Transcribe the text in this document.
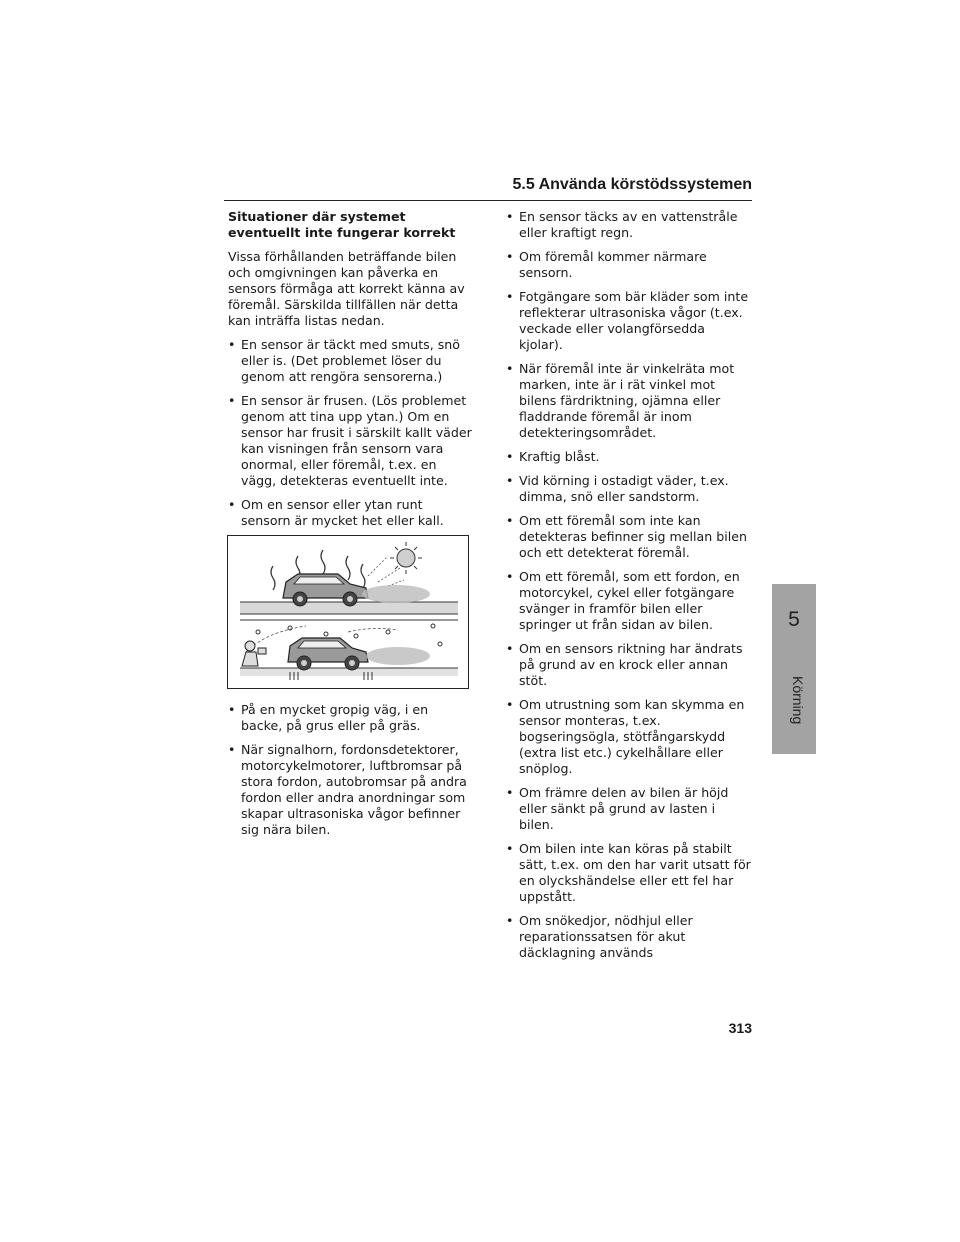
5.5 Använda körstödssystemen
5
Körning
Situationer där systemet eventuellt inte fungerar korrekt
Vissa förhållanden beträffande bilen och omgivningen kan påverka en sensors förmåga att korrekt känna av föremål. Särskilda tillfällen när detta kan inträffa listas nedan.
• En sensor är täckt med smuts, snö eller is. (Det problemet löser du genom att rengöra sensorerna.)
• En sensor är frusen. (Lös problemet genom att tina upp ytan.) Om en sensor har frusit i särskilt kallt väder kan visningen från sensorn vara onormal, eller föremål, t.ex. en vägg, detekteras eventuellt inte.
• Om en sensor eller ytan runt sensorn är mycket het eller kall.
• På en mycket gropig väg, i en backe, på grus eller på gräs.
• När signalhorn, fordonsdetektorer, motorcykelmotorer, luftbromsar på stora fordon, autobromsar på andra fordon eller andra anordningar som skapar ultrasoniska vågor befinner sig nära bilen.
• En sensor täcks av en vattenstråle eller kraftigt regn.
• Om föremål kommer närmare sensorn.
• Fotgängare som bär kläder som inte reflekterar ultrasoniska vågor (t.ex. veckade eller volangförsedda kjolar).
• När föremål inte är vinkelräta mot marken, inte är i rät vinkel mot bilens färdriktning, ojämna eller fladdrande föremål är inom detekteringsområdet.
• Kraftig blåst.
• Vid körning i ostadigt väder, t.ex. dimma, snö eller sandstorm.
• Om ett föremål som inte kan detekteras befinner sig mellan bilen och ett detekterat föremål.
• Om ett föremål, som ett fordon, en motorcykel, cykel eller fotgängare svänger in framför bilen eller springer ut från sidan av bilen.
• Om en sensors riktning har ändrats på grund av en krock eller annan stöt.
• Om utrustning som kan skymma en sensor monteras, t.ex. bogseringsögla, stötfångarskydd (extra list etc.) cykelhållare eller snöplog.
• Om främre delen av bilen är höjd eller sänkt på grund av lasten i bilen.
• Om bilen inte kan köras på stabilt sätt, t.ex. om den har varit utsatt för en olyckshändelse eller ett fel har uppstått.
• Om snökedjor, nödhjul eller reparationssatsen för akut däcklagning används
313
